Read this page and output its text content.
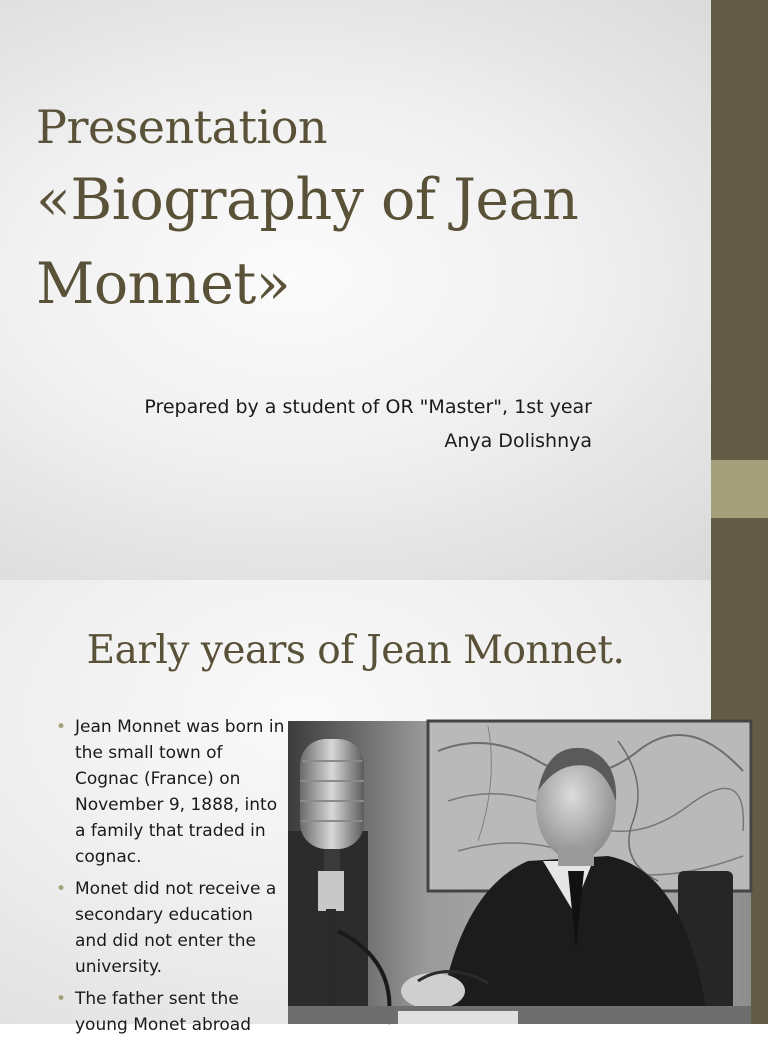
Presentation
«Biography of Jean Monnet»
Prepared by a student of OR "Master", 1st year
Anya Dolishnya
Early years of Jean Monnet.
• Jean Monnet was born in the small town of Cognac (France) on November 9, 1888, into a family that traded in cognac.
• Monet did not receive a secondary education and did not enter the university.
• The father sent the young Monet abroad
